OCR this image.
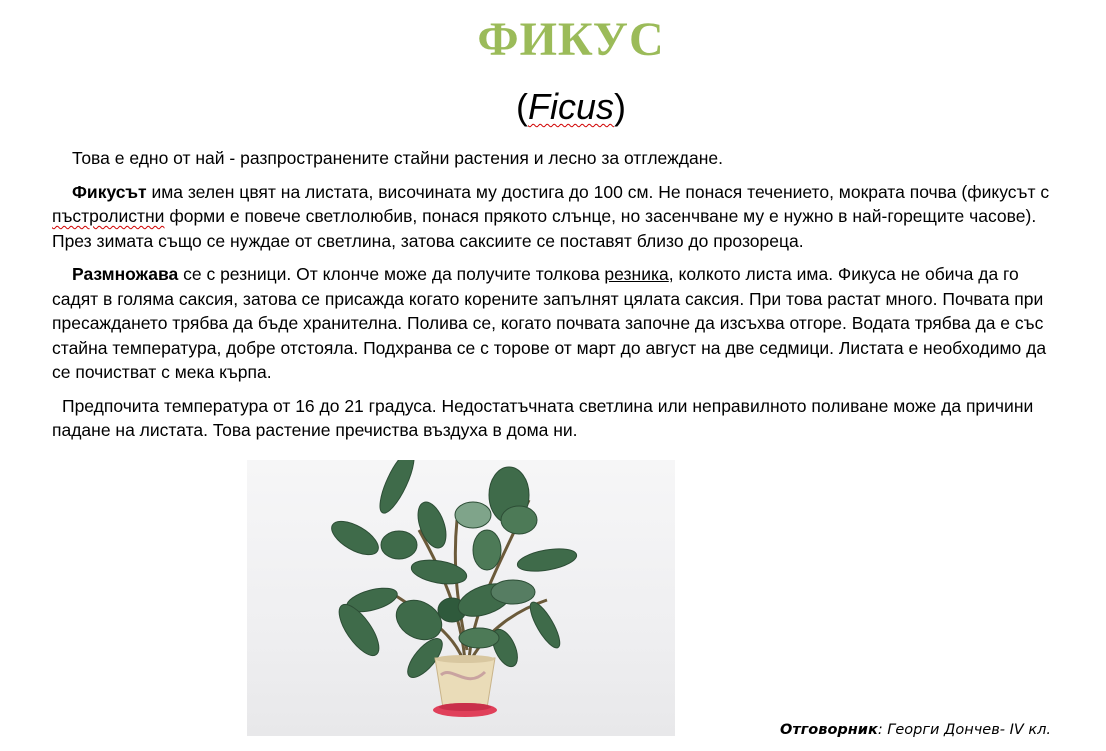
ФИКУС
(Ficus)

Това е едно от най - разпространените стайни растения и лесно за отглеждане.

Фикусът има зелен цвят на листата, височината му достига до 100 см. Не понася течението, мократа почва (фикусът с пъстролистни форми е повече светлолюбив, понася прякото слънце, но засенчване му е нужно в най-горещите часове). През зимата също се нуждае от светлина, затова саксиите се поставят близо до прозореца.

Размножава се с резници. От клонче може да получите толкова резника, колкото листа има. Фикуса не обича да го садят в голяма саксия, затова се присажда когато корените запълнят цялата саксия. При това растат много. Почвата при пресаждането трябва да бъде хранителна. Полива се, когато почвата започне да изсъхва отгоре. Водата трябва да е със стайна температура, добре отстояла. Подхранва се с торове от март до август на две седмици. Листата е необходимо да се почистват с мека кърпа.

Предпочита температура от 16 до 21 градуса. Недостатъчната светлина или неправилното поливане може да причини падане на листата. Това растение пречиства въздуха в дома ни.

Отговорник: Георги Дончев- IV кл.
